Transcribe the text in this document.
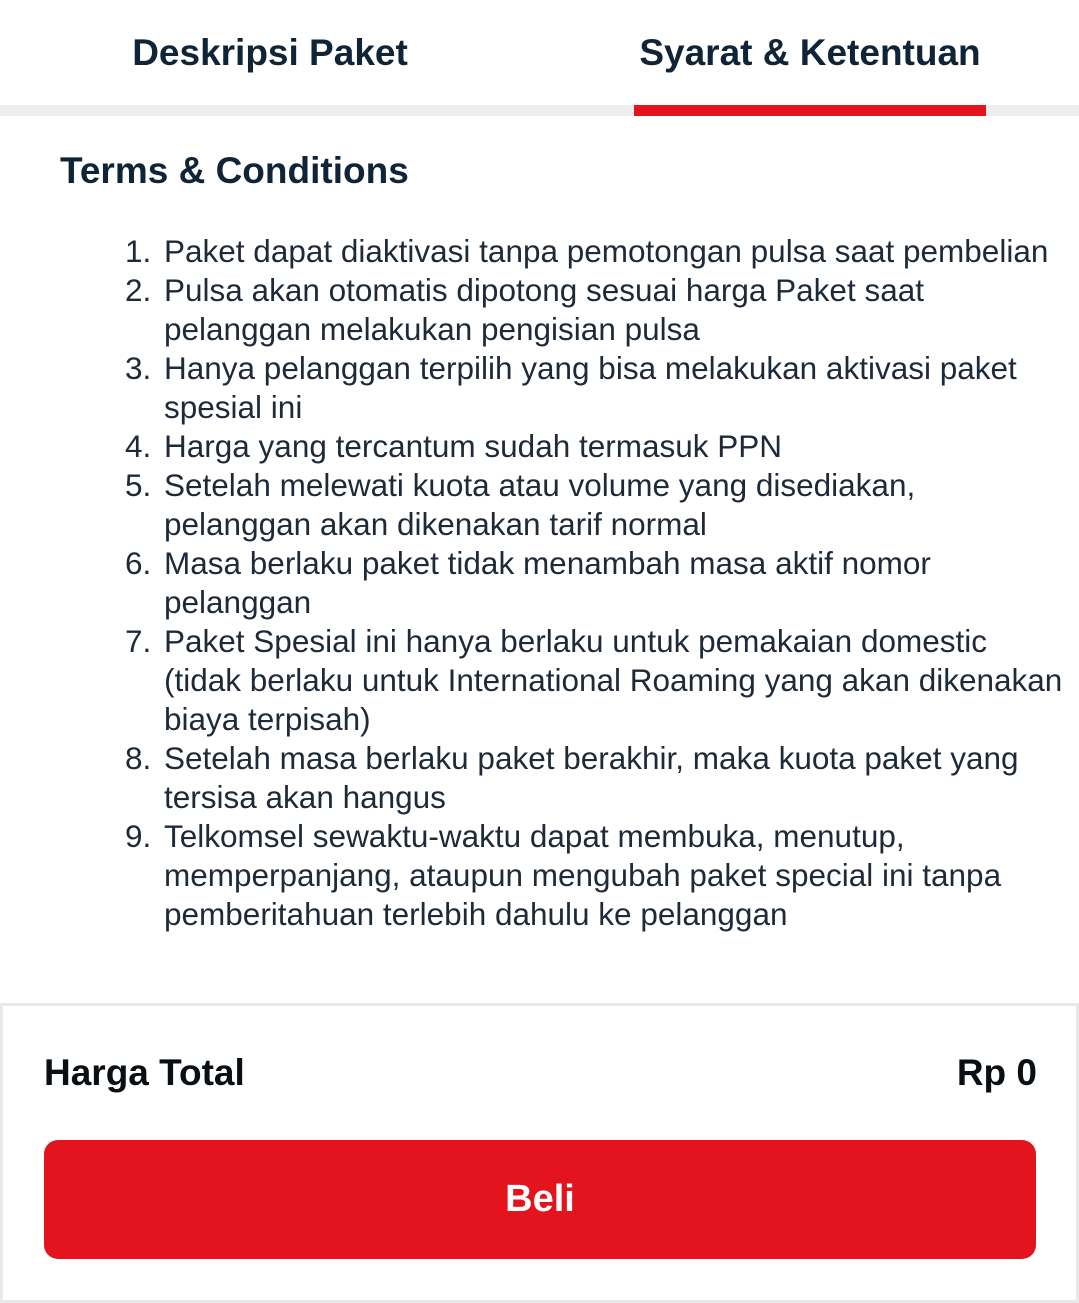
Deskripsi Paket	Syarat & Ketentuan
Terms & Conditions
1. Paket dapat diaktivasi tanpa pemotongan pulsa saat pembelian
2. Pulsa akan otomatis dipotong sesuai harga Paket saat pelanggan melakukan pengisian pulsa
3. Hanya pelanggan terpilih yang bisa melakukan aktivasi paket spesial ini
4. Harga yang tercantum sudah termasuk PPN
5. Setelah melewati kuota atau volume yang disediakan, pelanggan akan dikenakan tarif normal
6. Masa berlaku paket tidak menambah masa aktif nomor pelanggan
7. Paket Spesial ini hanya berlaku untuk pemakaian domestic (tidak berlaku untuk International Roaming yang akan dikenakan biaya terpisah)
8. Setelah masa berlaku paket berakhir, maka kuota paket yang tersisa akan hangus
9. Telkomsel sewaktu-waktu dapat membuka, menutup, memperpanjang, ataupun mengubah paket special ini tanpa pemberitahuan terlebih dahulu ke pelanggan
Harga Total	Rp 0
Beli
